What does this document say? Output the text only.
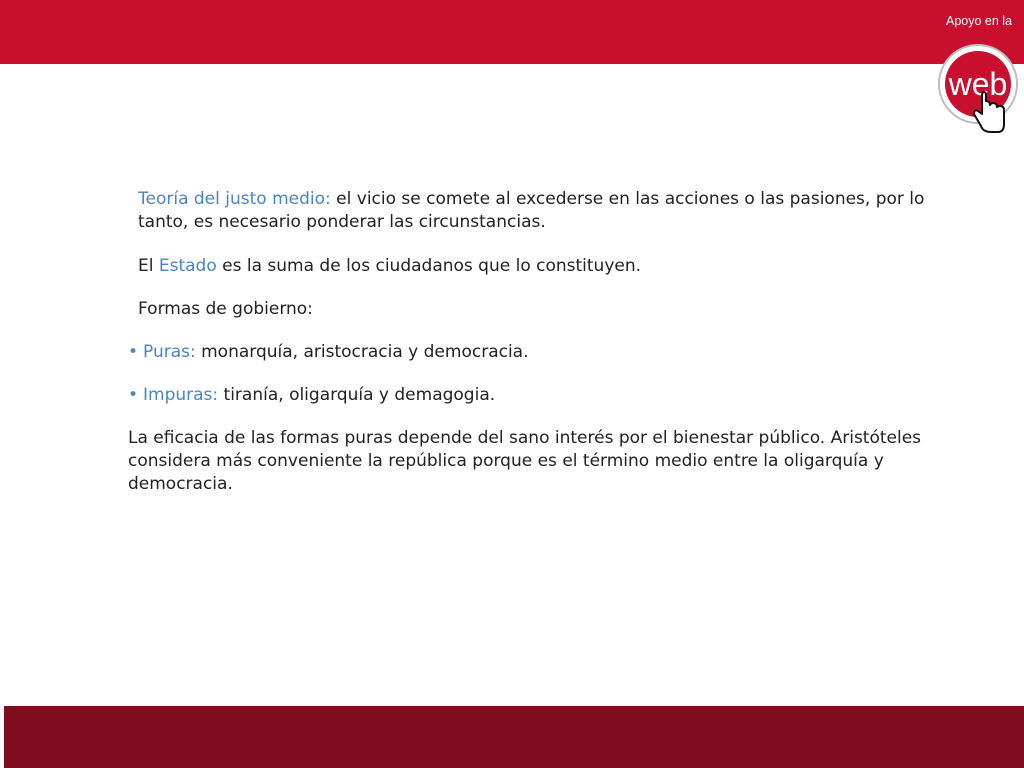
Apoyo en la
web
Teoría del justo medio: el vicio se comete al excederse en las acciones o las pasiones, por lo
tanto, es necesario ponderar las circunstancias.
El Estado es la suma de los ciudadanos que lo constituyen.
Formas de gobierno:
• Puras: monarquía, aristocracia y democracia.
• Impuras: tiranía, oligarquía y demagogia.
La eficacia de las formas puras depende del sano interés por el bienestar público. Aristóteles
considera más conveniente la república porque es el término medio entre la oligarquía y
democracia.
